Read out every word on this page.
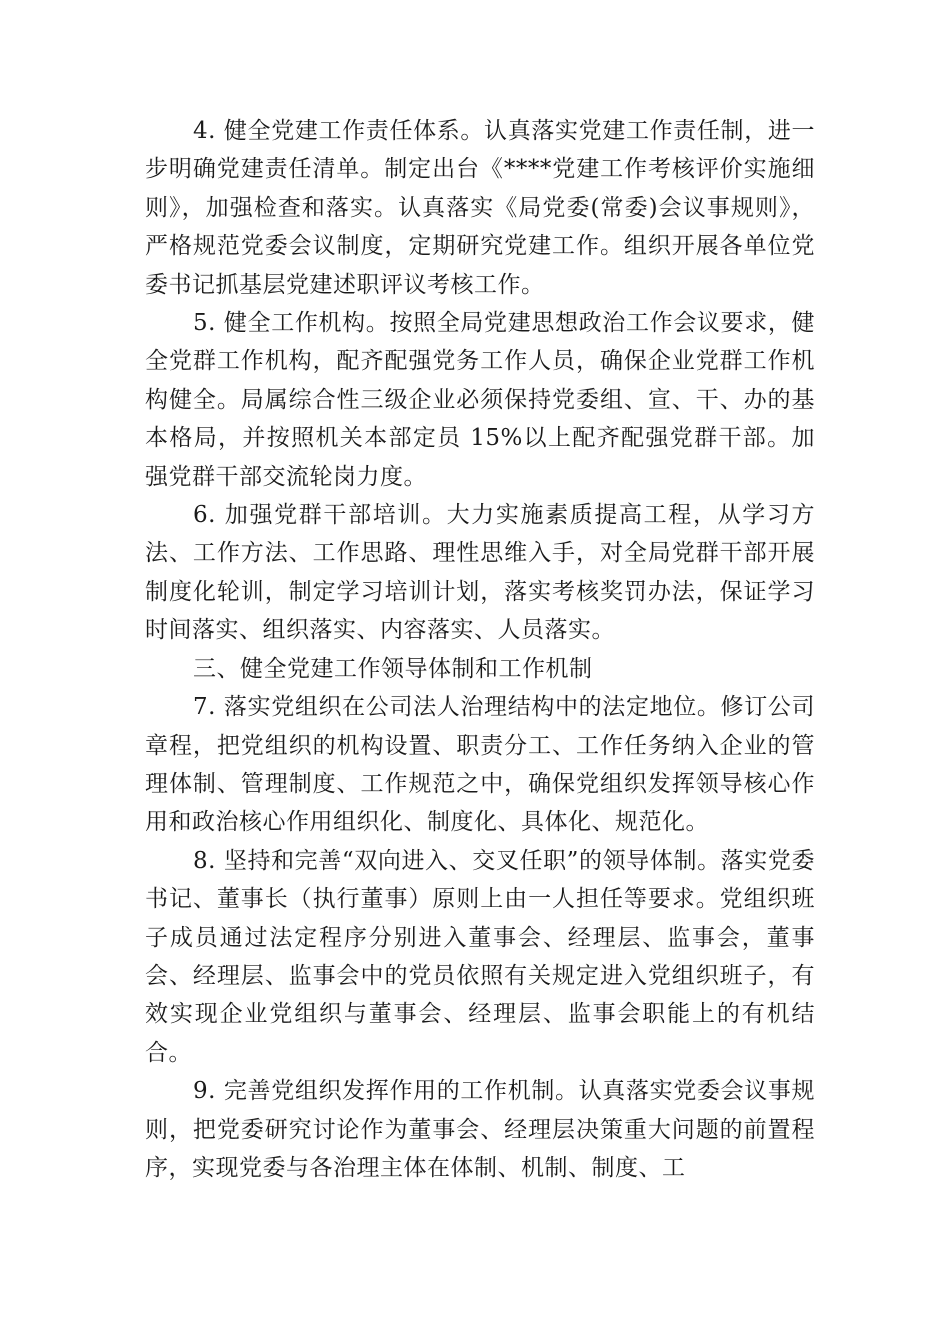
4. 健全党建工作责任体系。认真落实党建工作责任制，进一步明确党建责任清单。制定出台《****党建工作考核评价实施细则》，加强检查和落实。认真落实《局党委(常委)会议事规则》，严格规范党委会议制度，定期研究党建工作。组织开展各单位党委书记抓基层党建述职评议考核工作。

5. 健全工作机构。按照全局党建思想政治工作会议要求，健全党群工作机构，配齐配强党务工作人员，确保企业党群工作机构健全。局属综合性三级企业必须保持党委组、宣、干、办的基本格局，并按照机关本部定员 15%以上配齐配强党群干部。加强党群干部交流轮岗力度。

6. 加强党群干部培训。大力实施素质提高工程，从学习方法、工作方法、工作思路、理性思维入手，对全局党群干部开展制度化轮训，制定学习培训计划，落实考核奖罚办法，保证学习时间落实、组织落实、内容落实、人员落实。

三、健全党建工作领导体制和工作机制

7. 落实党组织在公司法人治理结构中的法定地位。修订公司章程，把党组织的机构设置、职责分工、工作任务纳入企业的管理体制、管理制度、工作规范之中，确保党组织发挥领导核心作用和政治核心作用组织化、制度化、具体化、规范化。

8. 坚持和完善“双向进入、交叉任职”的领导体制。落实党委书记、董事长（执行董事）原则上由一人担任等要求。党组织班子成员通过法定程序分别进入董事会、经理层、监事会，董事会、经理层、监事会中的党员依照有关规定进入党组织班子，有效实现企业党组织与董事会、经理层、监事会职能上的有机结合。

9. 完善党组织发挥作用的工作机制。认真落实党委会议事规则，把党委研究讨论作为董事会、经理层决策重大问题的前置程序，实现党委与各治理主体在体制、机制、制度、工
